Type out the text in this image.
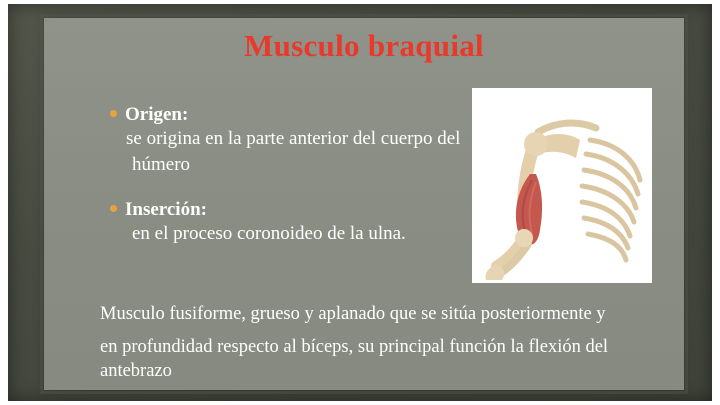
Musculo braquial
Origen:
se origina en la parte anterior del cuerpo del
húmero
Inserción:
en el proceso coronoideo de la ulna.
Musculo fusiforme, grueso y aplanado que se sitúa posteriormente y
en profundidad respecto al bíceps, su principal función la flexión del antebrazo
